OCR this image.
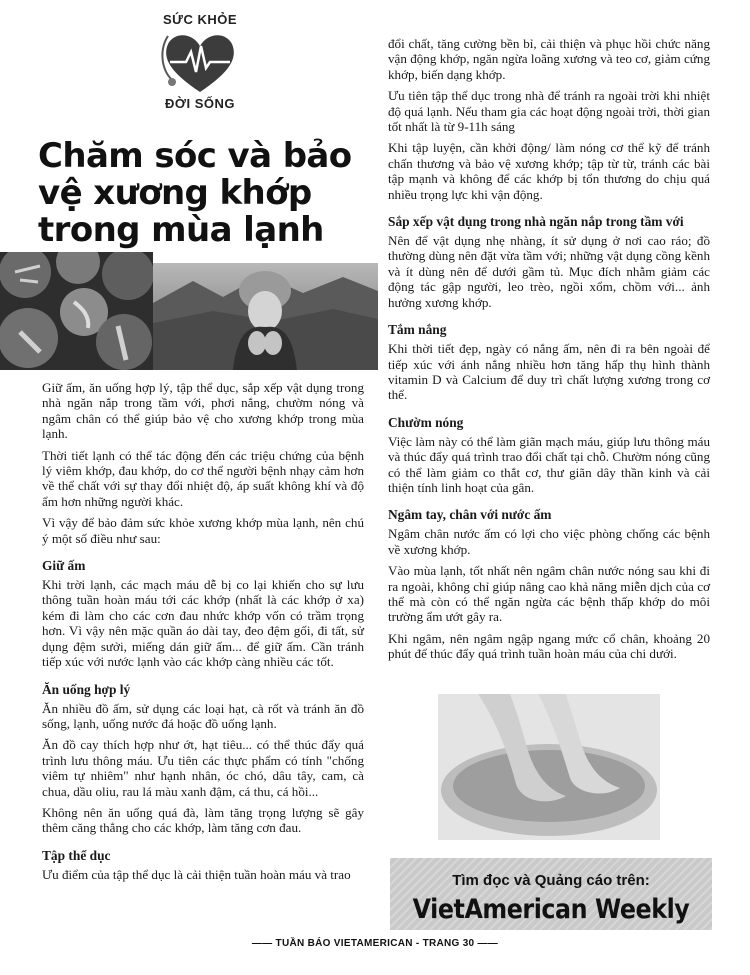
SỨC KHỎE
ĐỜI SỐNG
Chăm sóc và bảo vệ xương khớp trong mùa lạnh

Giữ ấm, ăn uống hợp lý, tập thể dục, sắp xếp vật dụng trong nhà ngăn nắp trong tầm với, phơi nắng, chườm nóng và ngâm chân có thể giúp bảo vệ cho xương khớp trong mùa lạnh.

Thời tiết lạnh có thể tác động đến các triệu chứng của bệnh lý viêm khớp, đau khớp, do cơ thể người bệnh nhạy cảm hơn về thể chất với sự thay đổi nhiệt độ, áp suất không khí và độ ẩm hơn những người khác.

Vì vậy để bảo đảm sức khỏe xương khớp mùa lạnh, nên chú ý một số điều như sau:

Giữ ấm

Khi trời lạnh, các mạch máu dễ bị co lại khiến cho sự lưu thông tuần hoàn máu tới các khớp (nhất là các khớp ở xa) kém đi làm cho các cơn đau nhức khớp vốn có trầm trọng hơn. Vì vậy nên mặc quần áo dài tay, đeo đệm gối, đi tất, sử dụng đệm sưởi, miếng dán giữ ấm... để giữ ấm. Cần tránh tiếp xúc với nước lạnh vào các khớp càng nhiều các tốt.

Ăn uống hợp lý

Ăn nhiều đồ ấm, sử dụng các loại hạt, cà rốt và tránh ăn đồ sống, lạnh, uống nước đá hoặc đồ uống lạnh.

Ăn đồ cay thích hợp như ớt, hạt tiêu... có thể thúc đẩy quá trình lưu thông máu. Ưu tiên các thực phẩm có tính "chống viêm tự nhiêm" như hạnh nhân, óc chó, dâu tây, cam, cà chua, dầu oliu, rau lá màu xanh đậm, cá thu, cá hồi...

Không nên ăn uống quá đà, làm tăng trọng lượng sẽ gây thêm căng thẳng cho các khớp, làm tăng cơn đau.

Tập thể dục

Ưu điểm của tập thể dục là cải thiện tuần hoàn máu và trao

đổi chất, tăng cường bền bỉ, cải thiện và phục hồi chức năng vận động khớp, ngăn ngừa loãng xương và teo cơ, giảm cứng khớp, biến dạng khớp.

Ưu tiên tập thể dục trong nhà để tránh ra ngoài trời khi nhiệt độ quá lạnh. Nếu tham gia các hoạt động ngoài trời, thời gian tốt nhất là từ 9-11h sáng

Khi tập luyện, cần khởi động/ làm nóng cơ thể kỹ để tránh chấn thương và bảo vệ xương khớp; tập từ từ, tránh các bài tập mạnh và không để các khớp bị tổn thương do chịu quá nhiều trọng lực khi vận động.

Sắp xếp vật dụng trong nhà ngăn nắp trong tầm với

Nên để vật dụng nhẹ nhàng, ít sử dụng ở nơi cao ráo; đồ thường dùng nên đặt vừa tầm với; những vật dụng cồng kềnh và ít dùng nên để dưới gầm tủ. Mục đích nhằm giảm các động tác gập người, leo trèo, ngồi xổm, chồm với... ảnh hưởng xương khớp.

Tắm nắng

Khi thời tiết đẹp, ngày có nắng ấm, nên đi ra bên ngoài để tiếp xúc với ánh nắng nhiều hơn tăng hấp thụ hình thành vitamin D và Calcium để duy trì chất lượng xương trong cơ thể.

Chườm nóng

Việc làm này có thể làm giãn mạch máu, giúp lưu thông máu và thúc đẩy quá trình trao đổi chất tại chỗ. Chườm nóng cũng có thể làm giảm co thắt cơ, thư giãn dây thần kinh và cải thiện tính linh hoạt của gân.

Ngâm tay, chân với nước ấm

Ngâm chân nước ấm có lợi cho việc phòng chống các bệnh về xương khớp.

Vào mùa lạnh, tốt nhất nên ngâm chân nước nóng sau khi đi ra ngoài, không chỉ giúp nâng cao khả năng miễn dịch của cơ thể mà còn có thể ngăn ngừa các bệnh thấp khớp do môi trường ẩm ướt gây ra.

Khi ngâm, nên ngâm ngập ngang mức cổ chân, khoảng 20 phút để thúc đẩy quá trình tuần hoàn máu của chi dưới.

Tìm đọc và Quảng cáo trên:
VietAmerican Weekly
—— TUẦN BÁO VIETAMERICAN - TRANG 30 ——
